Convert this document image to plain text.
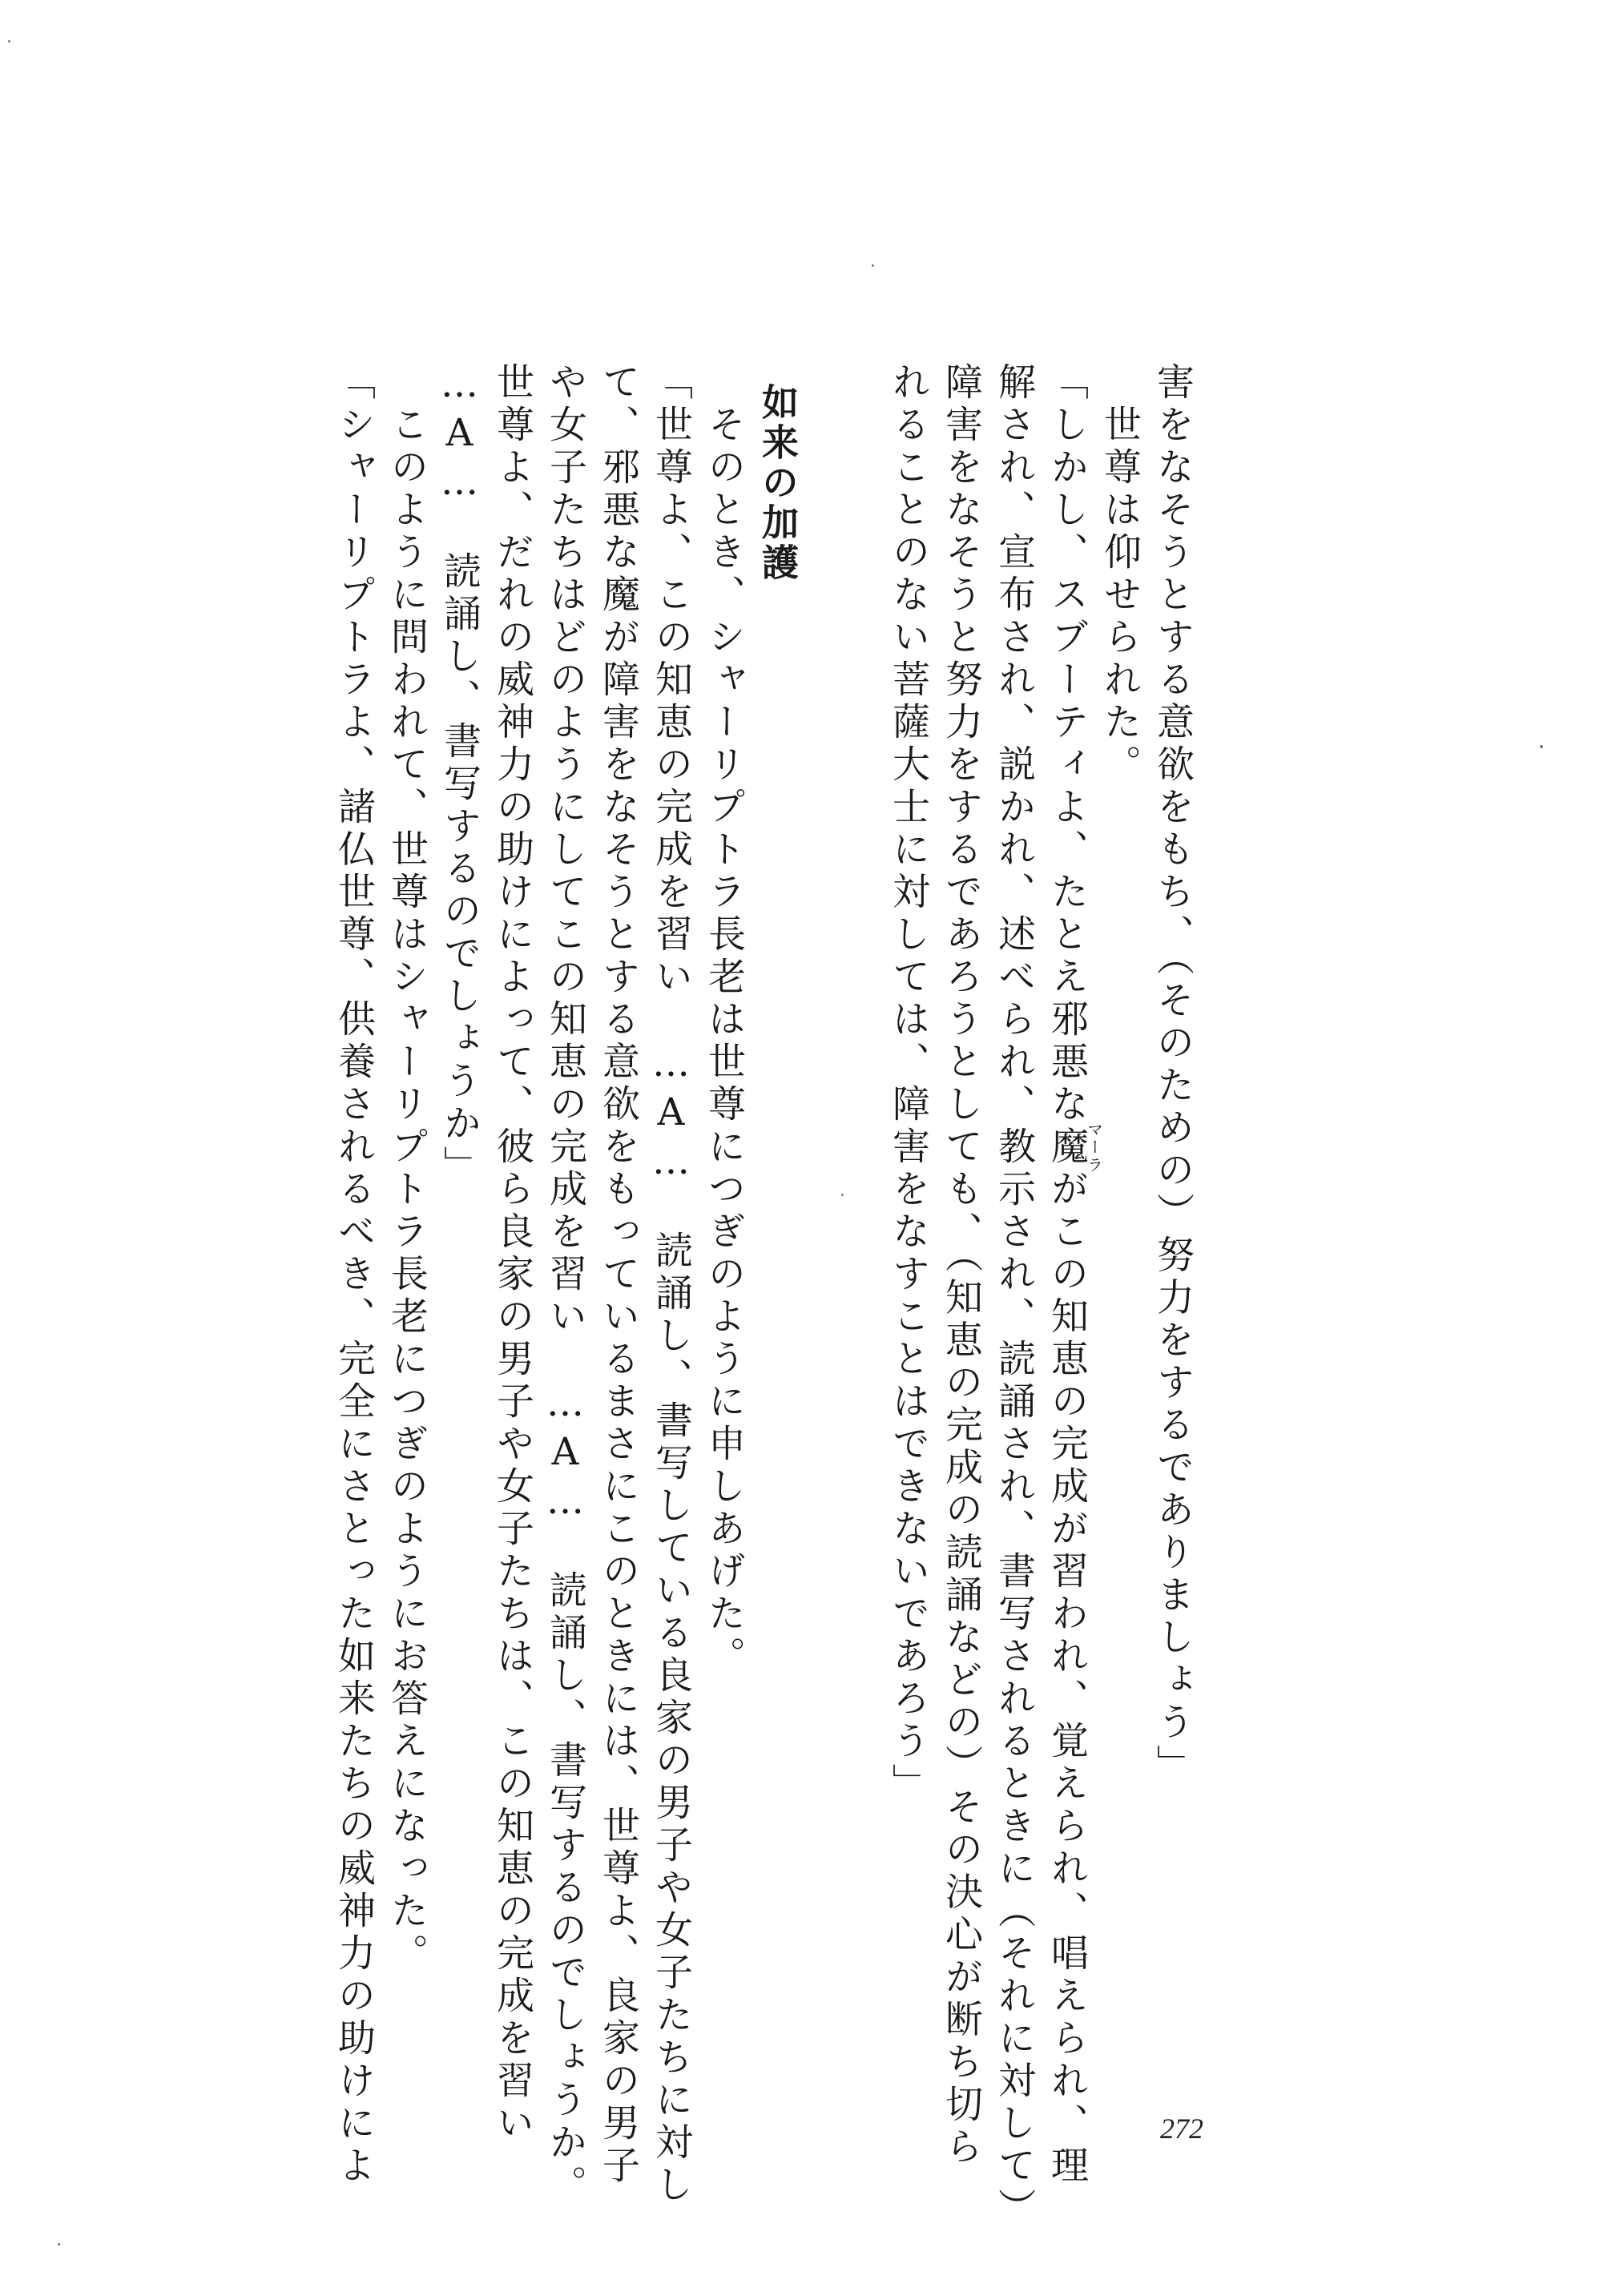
害をなそうとする意欲をもち、（そのための）努力をするでありましょう」
　世尊は仰せられた。
「しかし、スブーティよ、たとえ邪悪な魔マーラがこの知恵の完成が習われ、覚えられ、唱えられ、理
解され、宣布され、説かれ、述べられ、教示され、読誦され、書写されるときに（それに対して）
障害をなそうと努力をするであろうとしても、（知恵の完成の読誦などの）その決心が断ち切ら
れることのない菩薩大士に対しては、障害をなすことはできないであろう」
如来の加護
　そのとき、シャーリプトラ長老は世尊につぎのように申しあげた。
「世尊よ、この知恵の完成を習い　…A…　読誦し、書写している良家の男子や女子たちに対し
て、邪悪な魔が障害をなそうとする意欲をもっているまさにこのときには、世尊よ、良家の男子
や女子たちはどのようにしてこの知恵の完成を習い　…A…　読誦し、書写するのでしょうか。
世尊よ、だれの威神力の助けによって、彼ら良家の男子や女子たちは、この知恵の完成を習い
…A…　読誦し、書写するのでしょうか」
　このように問われて、世尊はシャーリプトラ長老につぎのようにお答えになった。
「シャーリプトラよ、諸仏世尊、供養されるべき、完全にさとった如来たちの威神力の助けによ	272
